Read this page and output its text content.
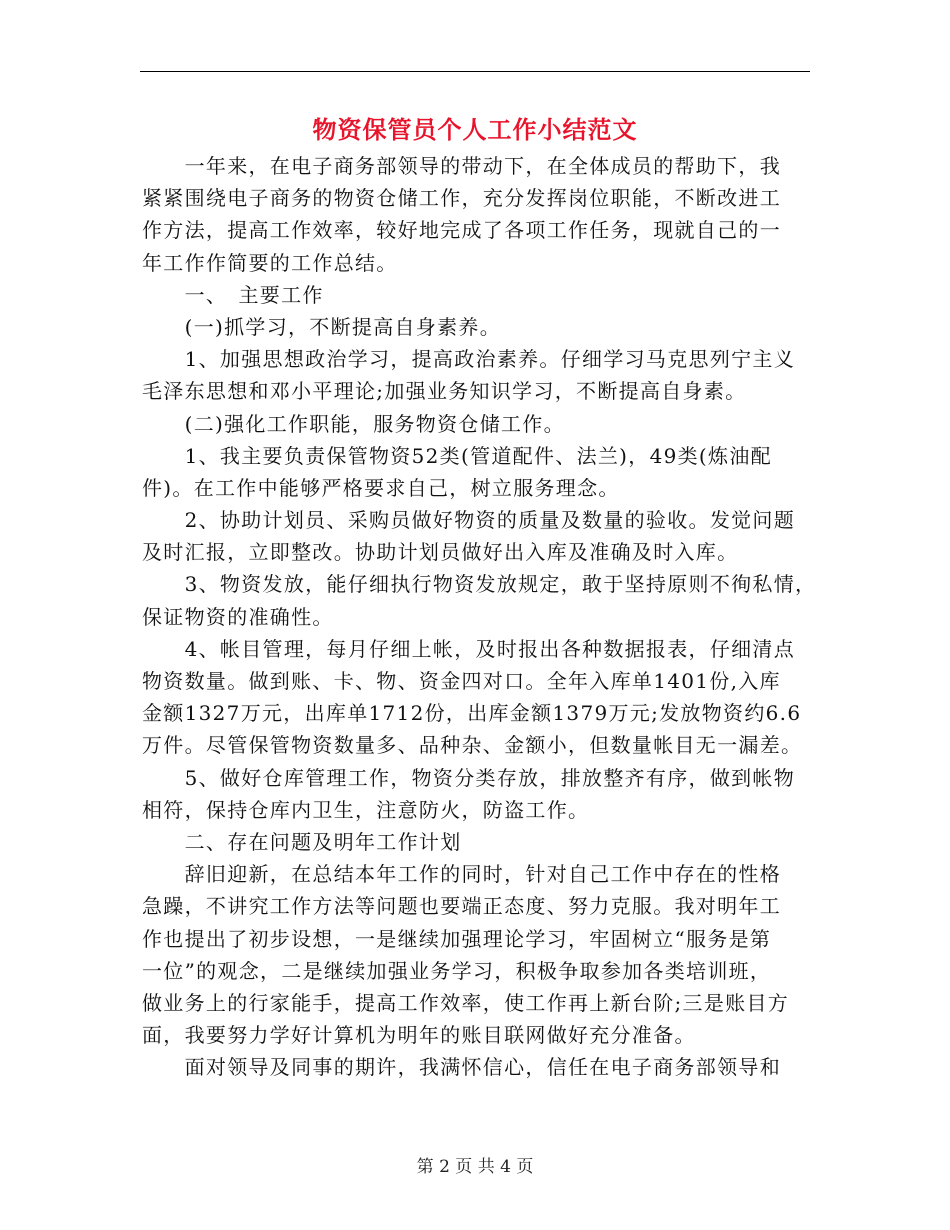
物资保管员个人工作小结范文
　　一年来，在电子商务部领导的带动下，在全体成员的帮助下，我
紧紧围绕电子商务的物资仓储工作，充分发挥岗位职能，不断改进工
作方法，提高工作效率，较好地完成了各项工作任务，现就自己的一
年工作作简要的工作总结。
　　一、　主要工作
　　(一)抓学习，不断提高自身素养。
　　1、加强思想政治学习，提高政治素养。仔细学习马克思列宁主义
毛泽东思想和邓小平理论;加强业务知识学习，不断提高自身素。
　　(二)强化工作职能，服务物资仓储工作。
　　1、我主要负责保管物资52类(管道配件、法兰)，49类(炼油配
件)。在工作中能够严格要求自己，树立服务理念。
　　2、协助计划员、采购员做好物资的质量及数量的验收。发觉问题
及时汇报，立即整改。协助计划员做好出入库及准确及时入库。
　　3、物资发放，能仔细执行物资发放规定，敢于坚持原则不徇私情，
保证物资的准确性。
　　4、帐目管理，每月仔细上帐，及时报出各种数据报表，仔细清点
物资数量。做到账、卡、物、资金四对口。全年入库单1401份,入库
金额1327万元，出库单1712份，出库金额1379万元;发放物资约6.6
万件。尽管保管物资数量多、品种杂、金额小，但数量帐目无一漏差。
　　5、做好仓库管理工作，物资分类存放，排放整齐有序，做到帐物
相符，保持仓库内卫生，注意防火，防盗工作。
　　二、存在问题及明年工作计划
　　辞旧迎新，在总结本年工作的同时，针对自己工作中存在的性格
急躁，不讲究工作方法等问题也要端正态度、努力克服。我对明年工
作也提出了初步设想，一是继续加强理论学习，牢固树立“服务是第
一位”的观念，二是继续加强业务学习，积极争取参加各类培训班，
做业务上的行家能手，提高工作效率，使工作再上新台阶;三是账目方
面，我要努力学好计算机为明年的账目联网做好充分准备。
　　面对领导及同事的期许，我满怀信心，信任在电子商务部领导和
第 2 页 共 4 页
